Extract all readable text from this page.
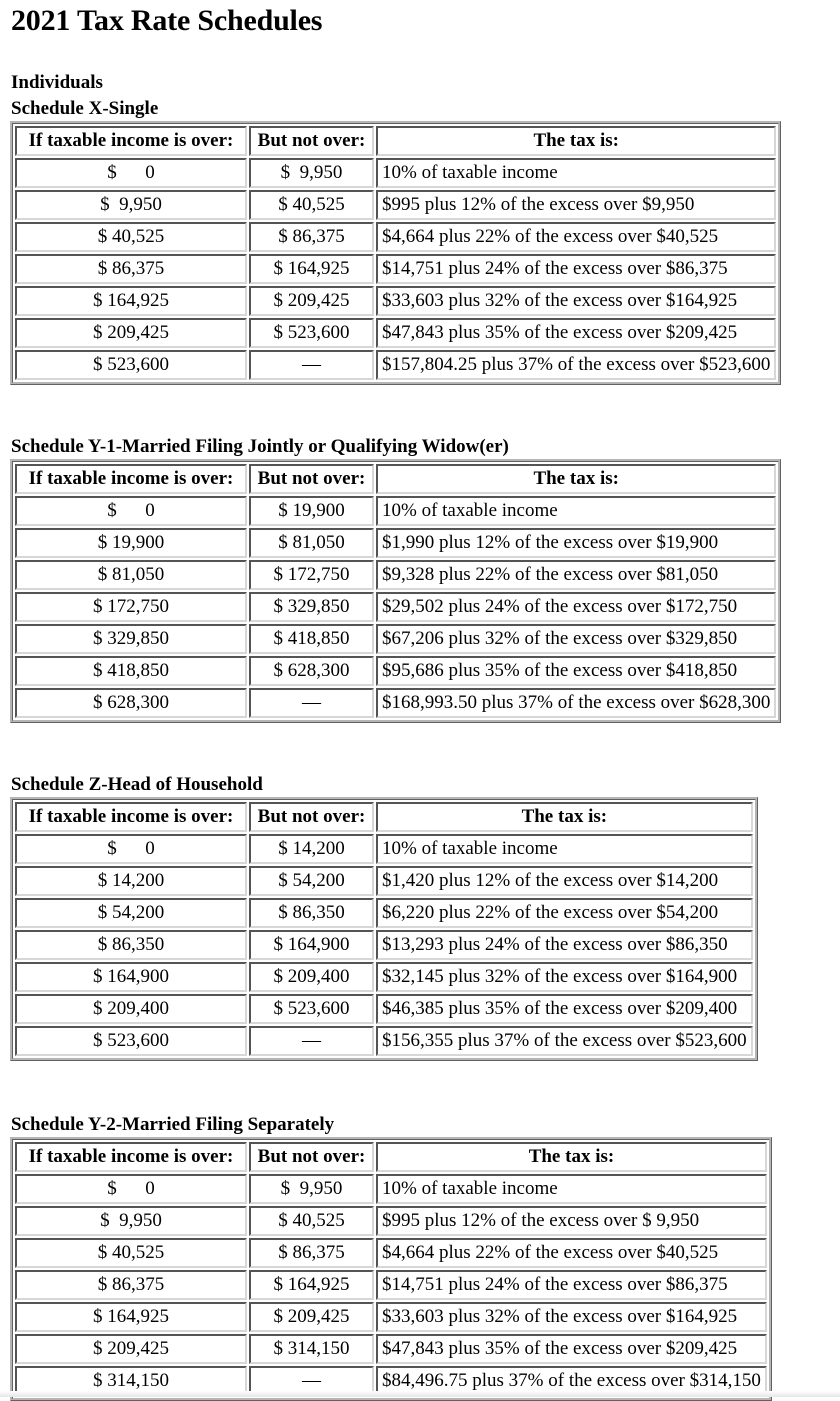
2021 Tax Rate Schedules
Individuals
Schedule X-Single
If taxable income is over:	But not over:	The tax is:
$      0	$  9,950	10% of taxable income
$  9,950	$ 40,525	$995 plus 12% of the excess over $9,950
$ 40,525	$ 86,375	$4,664 plus 22% of the excess over $40,525
$ 86,375	$ 164,925	$14,751 plus 24% of the excess over $86,375
$ 164,925	$ 209,425	$33,603 plus 32% of the excess over $164,925
$ 209,425	$ 523,600	$47,843 plus 35% of the excess over $209,425
$ 523,600	—	$157,804.25 plus 37% of the excess over $523,600
Schedule Y-1-Married Filing Jointly or Qualifying Widow(er)
If taxable income is over:	But not over:	The tax is:
$      0	$ 19,900	10% of taxable income
$ 19,900	$ 81,050	$1,990 plus 12% of the excess over $19,900
$ 81,050	$ 172,750	$9,328 plus 22% of the excess over $81,050
$ 172,750	$ 329,850	$29,502 plus 24% of the excess over $172,750
$ 329,850	$ 418,850	$67,206 plus 32% of the excess over $329,850
$ 418,850	$ 628,300	$95,686 plus 35% of the excess over $418,850
$ 628,300	—	$168,993.50 plus 37% of the excess over $628,300
Schedule Z-Head of Household
If taxable income is over:	But not over:	The tax is:
$      0	$ 14,200	10% of taxable income
$ 14,200	$ 54,200	$1,420 plus 12% of the excess over $14,200
$ 54,200	$ 86,350	$6,220 plus 22% of the excess over $54,200
$ 86,350	$ 164,900	$13,293 plus 24% of the excess over $86,350
$ 164,900	$ 209,400	$32,145 plus 32% of the excess over $164,900
$ 209,400	$ 523,600	$46,385 plus 35% of the excess over $209,400
$ 523,600	—	$156,355 plus 37% of the excess over $523,600
Schedule Y-2-Married Filing Separately
If taxable income is over:	But not over:	The tax is:
$      0	$  9,950	10% of taxable income
$  9,950	$ 40,525	$995 plus 12% of the excess over $ 9,950
$ 40,525	$ 86,375	$4,664 plus 22% of the excess over $40,525
$ 86,375	$ 164,925	$14,751 plus 24% of the excess over $86,375
$ 164,925	$ 209,425	$33,603 plus 32% of the excess over $164,925
$ 209,425	$ 314,150	$47,843 plus 35% of the excess over $209,425
$ 314,150	—	$84,496.75 plus 37% of the excess over $314,150
